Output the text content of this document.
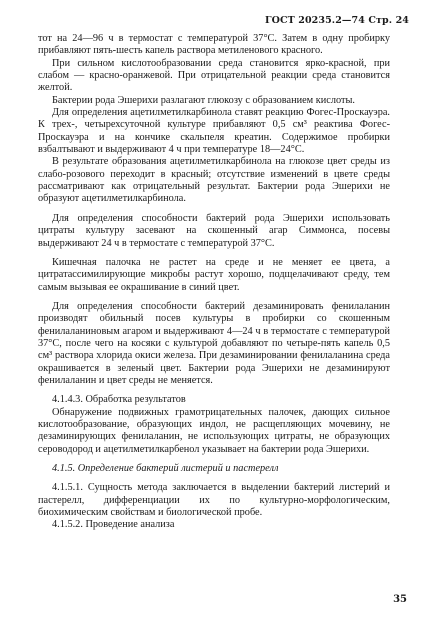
ГОСТ 20235.2—74 Стр. 24

тот на 24—96 ч в термостат с температурой 37°С. Затем в одну пробирку прибавляют пять-шесть капель раствора метиленового красного.

При сильном кислотообразовании среда становится ярко-красной, при слабом — красно-оранжевой. При отрицательной реакции среда становится желтой.

Бактерии рода Эшерихи разлагают глюкозу с образованием кислоты.

Для определения ацетилметилкарбинола ставят реакцию Фогес-Проскауэра. К трех-, четырехсуточной культуре прибавляют 0,5 см³ реактива Фогес-Проскауэра и на кончике скальпеля креатин. Содержимое пробирки взбалтывают и выдерживают 4 ч при температуре 18—24°С.

В результате образования ацетилметилкарбинола на глюкозе цвет среды из слабо-розового переходит в красный; отсутствие изменений в цвете среды рассматривают как отрицательный результат. Бактерии рода Эшерихи не образуют ацетилметилкарбинола.

Для определения способности бактерий рода Эшерихи использовать цитраты культуру засевают на скошенный агар Симмонса, посевы выдерживают 24 ч в термостате с температурой 37°С.

Кишечная палочка не растет на среде и не меняет ее цвета, а цитратассимилирующие микробы растут хорошо, подщелачивают среду, тем самым вызывая ее окрашивание в синий цвет.

Для определения способности бактерий дезаминировать фенилаланин производят обильный посев культуры в пробирки со скошенным фенилаланиновым агаром и выдерживают 4—24 ч в термостате с температурой 37°С, после чего на косяки с культурой добавляют по четыре-пять капель 0,5 см³ раствора хлорида окиси железа. При дезаминировании фенилаланина среда окрашивается в зеленый цвет. Бактерии рода Эшерихи не дезаминируют фенилаланин и цвет среды не меняется.

4.1.4.3. Обработка результатов

Обнаружение подвижных грамотрицательных палочек, дающих сильное кислотообразование, образующих индол, не расщепляющих мочевину, не дезаминирующих фенилаланин, не использующих цитраты, не образующих сероводород и ацетилметилкарбенол указывает на бактерии рода Эшерихи.

4.1.5. Определение бактерий листерий и пастерелл

4.1.5.1. Сущность метода заключается в выделении бактерий листерий и пастерелл, дифференциации их по культурно-морфологическим, биохимическим свойствам и биологической пробе.

4.1.5.2. Проведение анализа

35
